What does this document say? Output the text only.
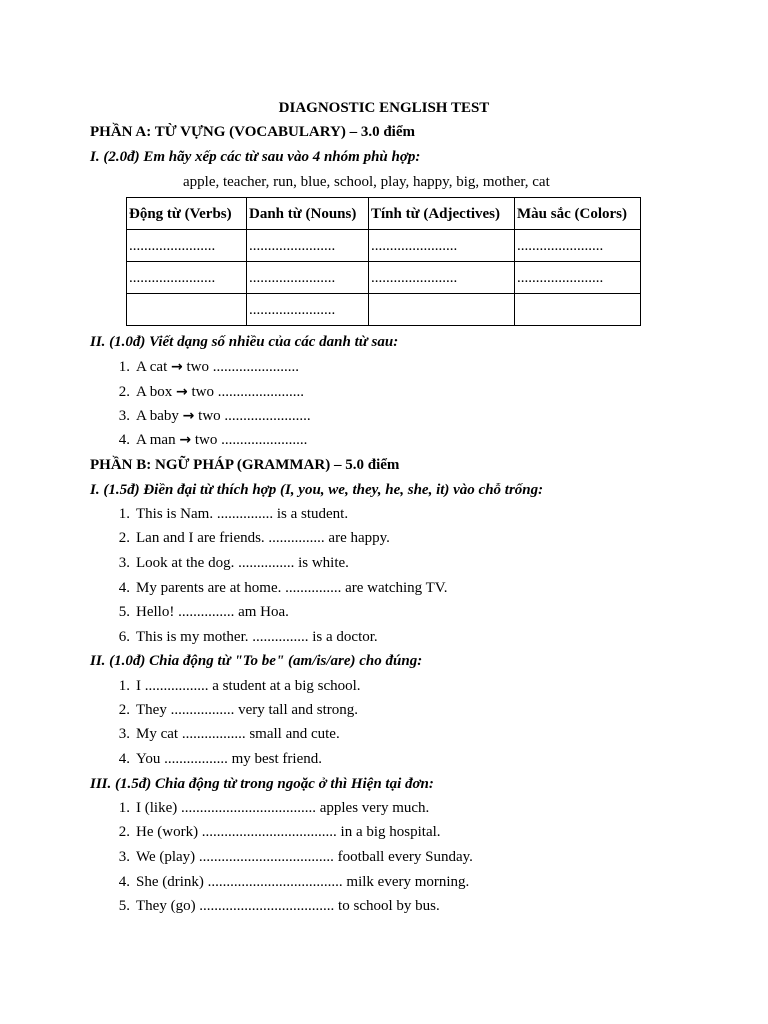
DIAGNOSTIC ENGLISH TEST
PHẦN A: TỪ VỰNG (VOCABULARY) – 3.0 điểm
I. (2.0đ) Em hãy xếp các từ sau vào 4 nhóm phù hợp:
apple, teacher, run, blue, school, play, happy, big, mother, cat
Động từ (Verbs)	Danh từ (Nouns)	Tính từ (Adjectives)	Màu sắc (Colors)
.......................	.......................	.......................	.......................
.......................	.......................	.......................	.......................
	.......................		
II. (1.0đ) Viết dạng số nhiều của các danh từ sau:
1. A cat → two .......................
2. A box → two .......................
3. A baby → two .......................
4. A man → two .......................
PHẦN B: NGỮ PHÁP (GRAMMAR) – 5.0 điểm
I. (1.5đ) Điền đại từ thích hợp (I, you, we, they, he, she, it) vào chỗ trống:
1. This is Nam. ............... is a student.
2. Lan and I are friends. ............... are happy.
3. Look at the dog. ............... is white.
4. My parents are at home. ............... are watching TV.
5. Hello! ............... am Hoa.
6. This is my mother. ............... is a doctor.
II. (1.0đ) Chia động từ "To be" (am/is/are) cho đúng:
1. I ................. a student at a big school.
2. They ................. very tall and strong.
3. My cat ................. small and cute.
4. You ................. my best friend.
III. (1.5đ) Chia động từ trong ngoặc ở thì Hiện tại đơn:
1. I (like) .................................... apples very much.
2. He (work) .................................... in a big hospital.
3. We (play) .................................... football every Sunday.
4. She (drink) .................................... milk every morning.
5. They (go) .................................... to school by bus.
